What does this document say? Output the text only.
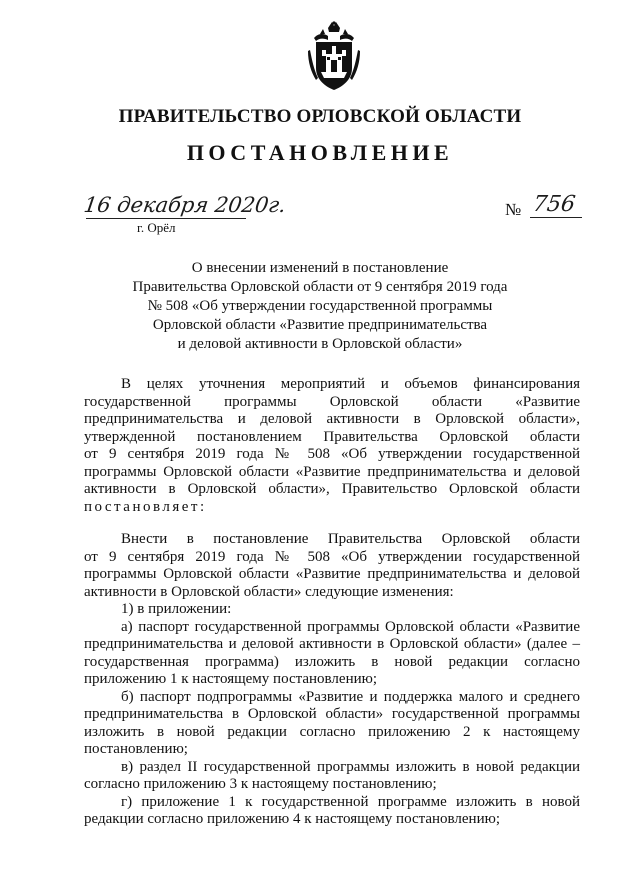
ПРАВИТЕЛЬСТВО ОРЛОВСКОЙ ОБЛАСТИ
ПОСТАНОВЛЕНИЕ
16 декабря 2020г.
г. Орёл
№ 756
О внесении изменений в постановление
Правительства Орловской области от 9 сентября 2019 года
№ 508 «Об утверждении государственной программы
Орловской области «Развитие предпринимательства
и деловой активности в Орловской области»

В целях уточнения мероприятий и объемов финансирования

государственной программы Орловской области «Развитие

предпринимательства и деловой активности в Орловской области»,

утвержденной постановлением Правительства Орловской области

от 9 сентября 2019 года № 508 «Об утверждении государственной

программы Орловской области «Развитие предпринимательства и деловой

активности в Орловской области», Правительство Орловской области

постановляет:

Внести в постановление Правительства Орловской области

от 9 сентября 2019 года № 508 «Об утверждении государственной

программы Орловской области «Развитие предпринимательства и деловой

активности в Орловской области» следующие изменения:

1) в приложении:

а) паспорт государственной программы Орловской области «Развитие

предпринимательства и деловой активности в Орловской области» (далее –

государственная программа) изложить в новой редакции согласно

приложению 1 к настоящему постановлению;

б) паспорт подпрограммы «Развитие и поддержка малого и среднего

предпринимательства в Орловской области» государственной программы

изложить в новой редакции согласно приложению 2 к настоящему

постановлению;

в) раздел II государственной программы изложить в новой редакции

согласно приложению 3 к настоящему постановлению;

г) приложение 1 к государственной программе изложить в новой

редакции согласно приложению 4 к настоящему постановлению;
